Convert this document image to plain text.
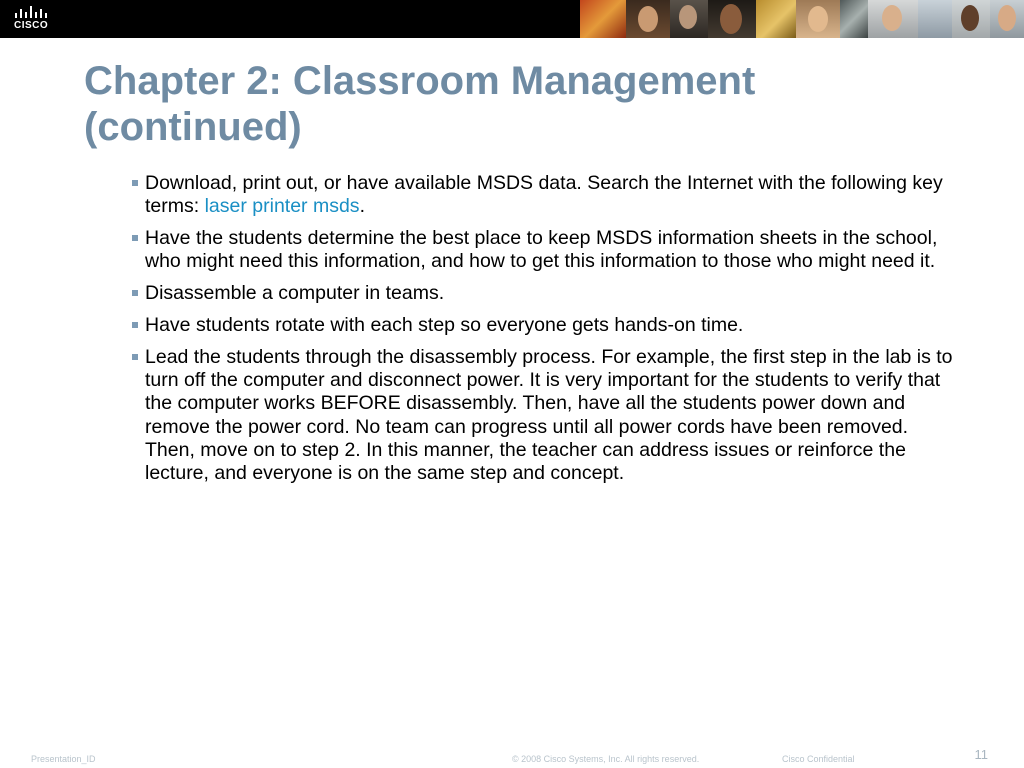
CISCO
Chapter 2: Classroom Management (continued)
Download, print out, or have available MSDS data. Search the Internet with the following key terms: laser printer msds.
Have the students determine the best place to keep MSDS information sheets in the school, who might need this information, and how to get this information to those who might need it.
Disassemble a computer in teams.
Have students rotate with each step so everyone gets hands-on time.
Lead the students through the disassembly process. For example, the first step in the lab is to turn off the computer and disconnect power. It is very important for the students to verify that the computer works BEFORE disassembly. Then, have all the students power down and remove the power cord. No team can progress until all power cords have been removed. Then, move on to step 2. In this manner, the teacher can address issues or reinforce the lecture, and everyone is on the same step and concept.
Presentation_ID	© 2008 Cisco Systems, Inc. All rights reserved.	Cisco Confidential	11
